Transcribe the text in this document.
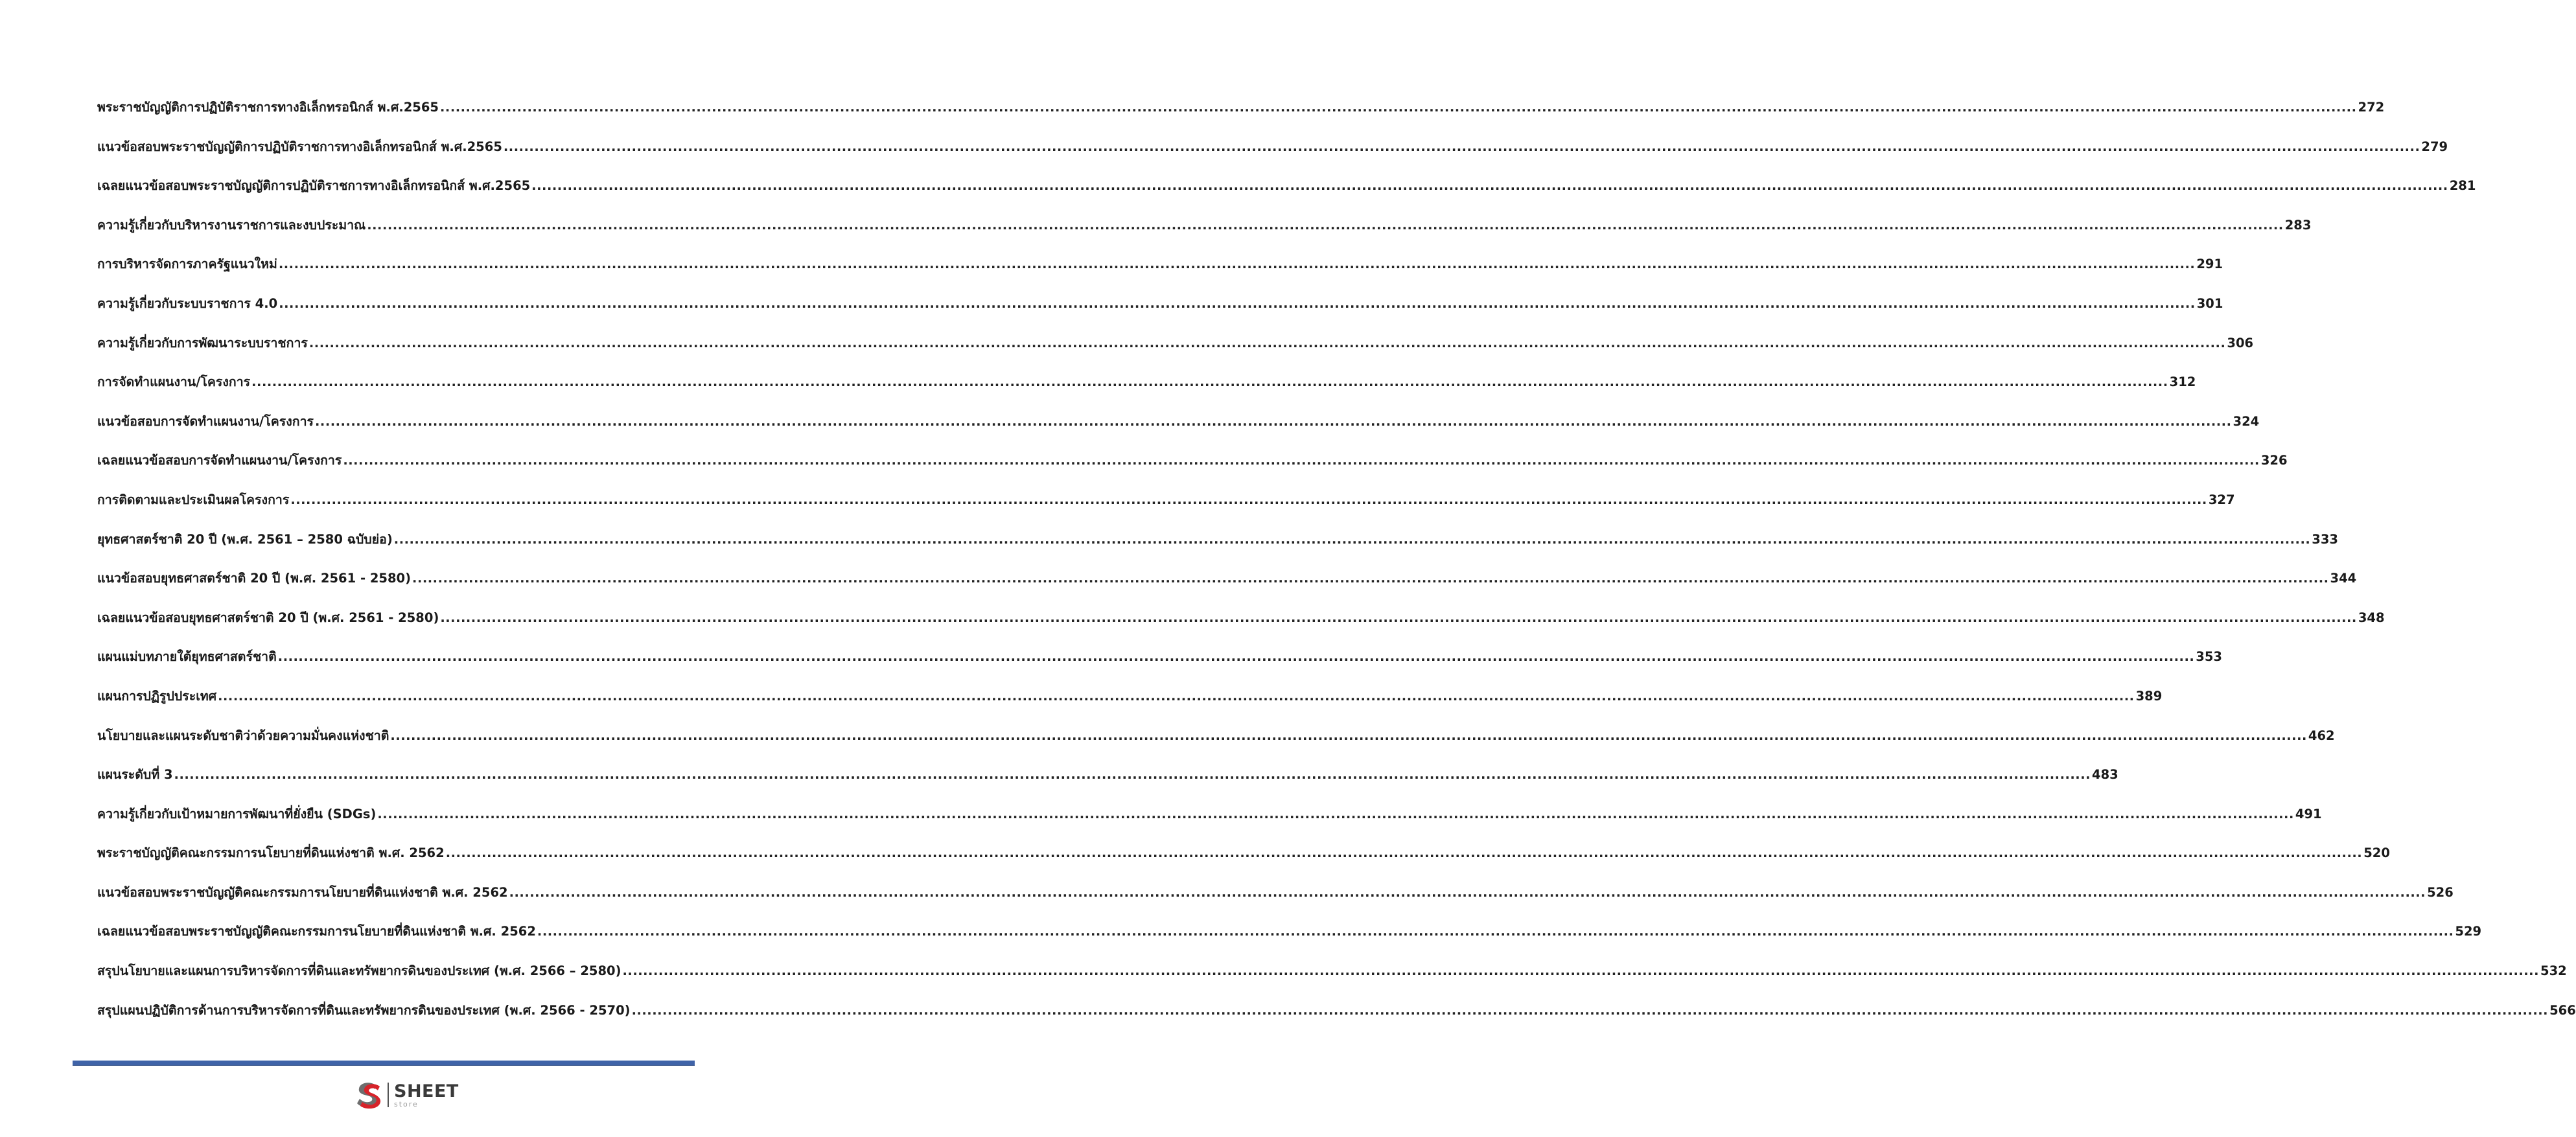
พระราชบัญญัติการปฏิบัติราชการทางอิเล็กทรอนิกส์ พ.ศ.2565 .....	272
แนวข้อสอบพระราชบัญญัติการปฏิบัติราชการทางอิเล็กทรอนิกส์ พ.ศ.2565 .....	279
เฉลยแนวข้อสอบพระราชบัญญัติการปฏิบัติราชการทางอิเล็กทรอนิกส์ พ.ศ.2565 .....	281
ความรู้เกี่ยวกับบริหารงานราชการและงบประมาณ .....	283
การบริหารจัดการภาครัฐแนวใหม่ .....	291
ความรู้เกี่ยวกับระบบราชการ 4.0 .....	301
ความรู้เกี่ยวกับการพัฒนาระบบราชการ .....	306
การจัดทำแผนงาน/โครงการ .....	312
แนวข้อสอบการจัดทำแผนงาน/โครงการ .....	324
เฉลยแนวข้อสอบการจัดทำแผนงาน/โครงการ .....	326
การติดตามและประเมินผลโครงการ .....	327
ยุทธศาสตร์ชาติ 20 ปี (พ.ศ. 2561 – 2580 ฉบับย่อ) .....	333
แนวข้อสอบยุทธศาสตร์ชาติ 20 ปี (พ.ศ. 2561 - 2580) .....	344
เฉลยแนวข้อสอบยุทธศาสตร์ชาติ 20 ปี (พ.ศ. 2561 - 2580) .....	348
แผนแม่บทภายใต้ยุทธศาสตร์ชาติ .....	353
แผนการปฏิรูปประเทศ .....	389
นโยบายและแผนระดับชาติว่าด้วยความมั่นคงแห่งชาติ .....	462
แผนระดับที่ 3 .....	483
ความรู้เกี่ยวกับเป้าหมายการพัฒนาที่ยั่งยืน (SDGs) .....	491
พระราชบัญญัติคณะกรรมการนโยบายที่ดินแห่งชาติ พ.ศ. 2562 .....	520
แนวข้อสอบพระราชบัญญัติคณะกรรมการนโยบายที่ดินแห่งชาติ พ.ศ. 2562 .....	526
เฉลยแนวข้อสอบพระราชบัญญัติคณะกรรมการนโยบายที่ดินแห่งชาติ พ.ศ. 2562 .....	529
สรุปนโยบายและแผนการบริหารจัดการที่ดินและทรัพยากรดินของประเทศ (พ.ศ. 2566 – 2580) .....	532
สรุปแผนปฏิบัติการด้านการบริหารจัดการที่ดินและทรัพยากรดินของประเทศ (พ.ศ. 2566 - 2570) .....	566
SHEET
store
